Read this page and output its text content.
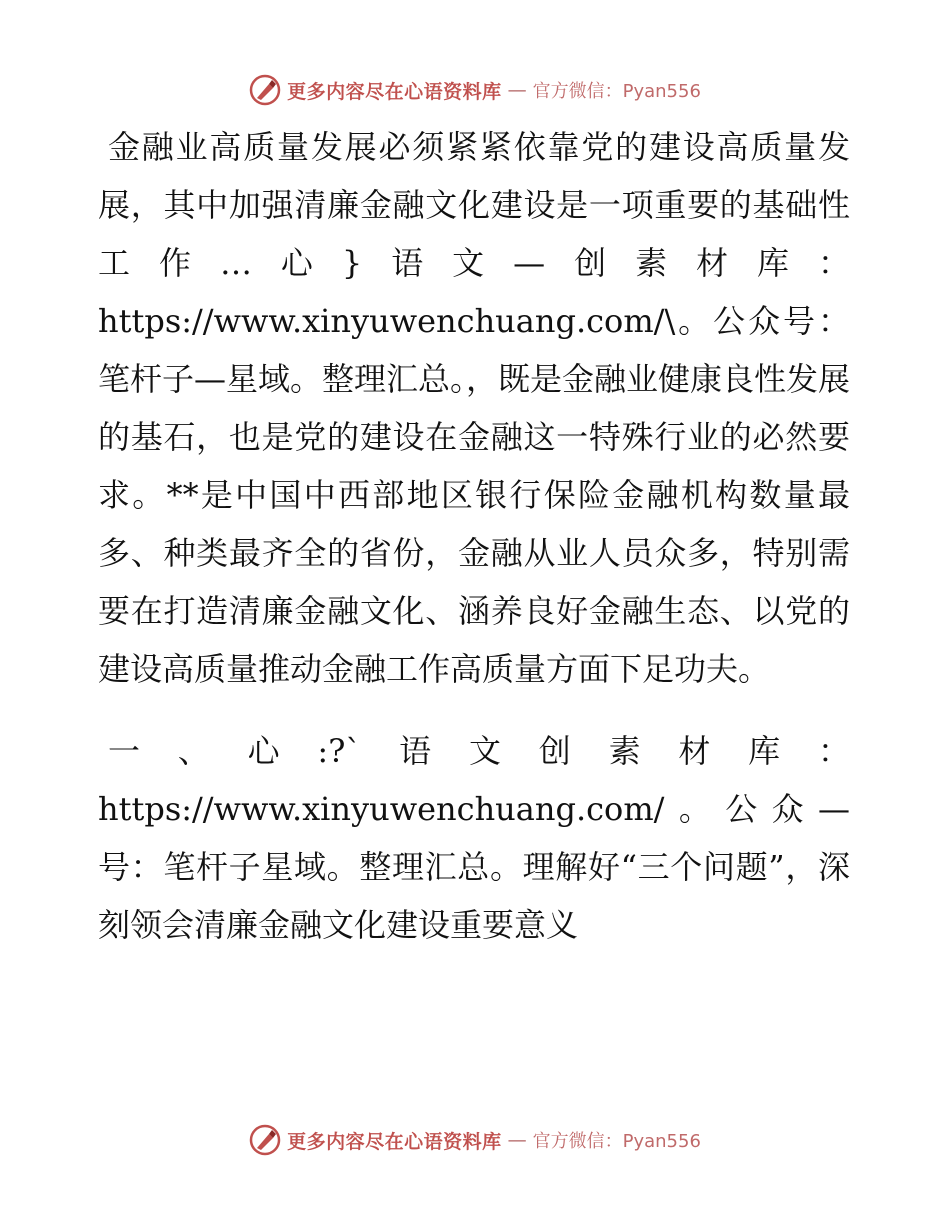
更多内容尽在心语资料库 — 官方微信：Pyan556

金融业高质量发展必须紧紧依靠党的建设高质量发展，其中加强清廉金融文化建设是一项重要的基础性工作…心}语文—创素材库：https://www.xinyuwenchuang.com/\。公众号：笔杆子—星域。整理汇总。，既是金融业健康良性发展的基石，也是党的建设在金融这一特殊行业的必然要求。**是中国中西部地区银行保险金融机构数量最多、种类最齐全的省份，金融从业人员众多，特别需要在打造清廉金融文化、涵养良好金融生态、以党的建设高质量推动金融工作高质量方面下足功夫。

一、心:?`语文创素材库：https://www.xinyuwenchuang.com/。公众—号：笔杆子星域。整理汇总。理解好“三个问题”，深刻领会清廉金融文化建设重要意义

更多内容尽在心语资料库 — 官方微信：Pyan556
